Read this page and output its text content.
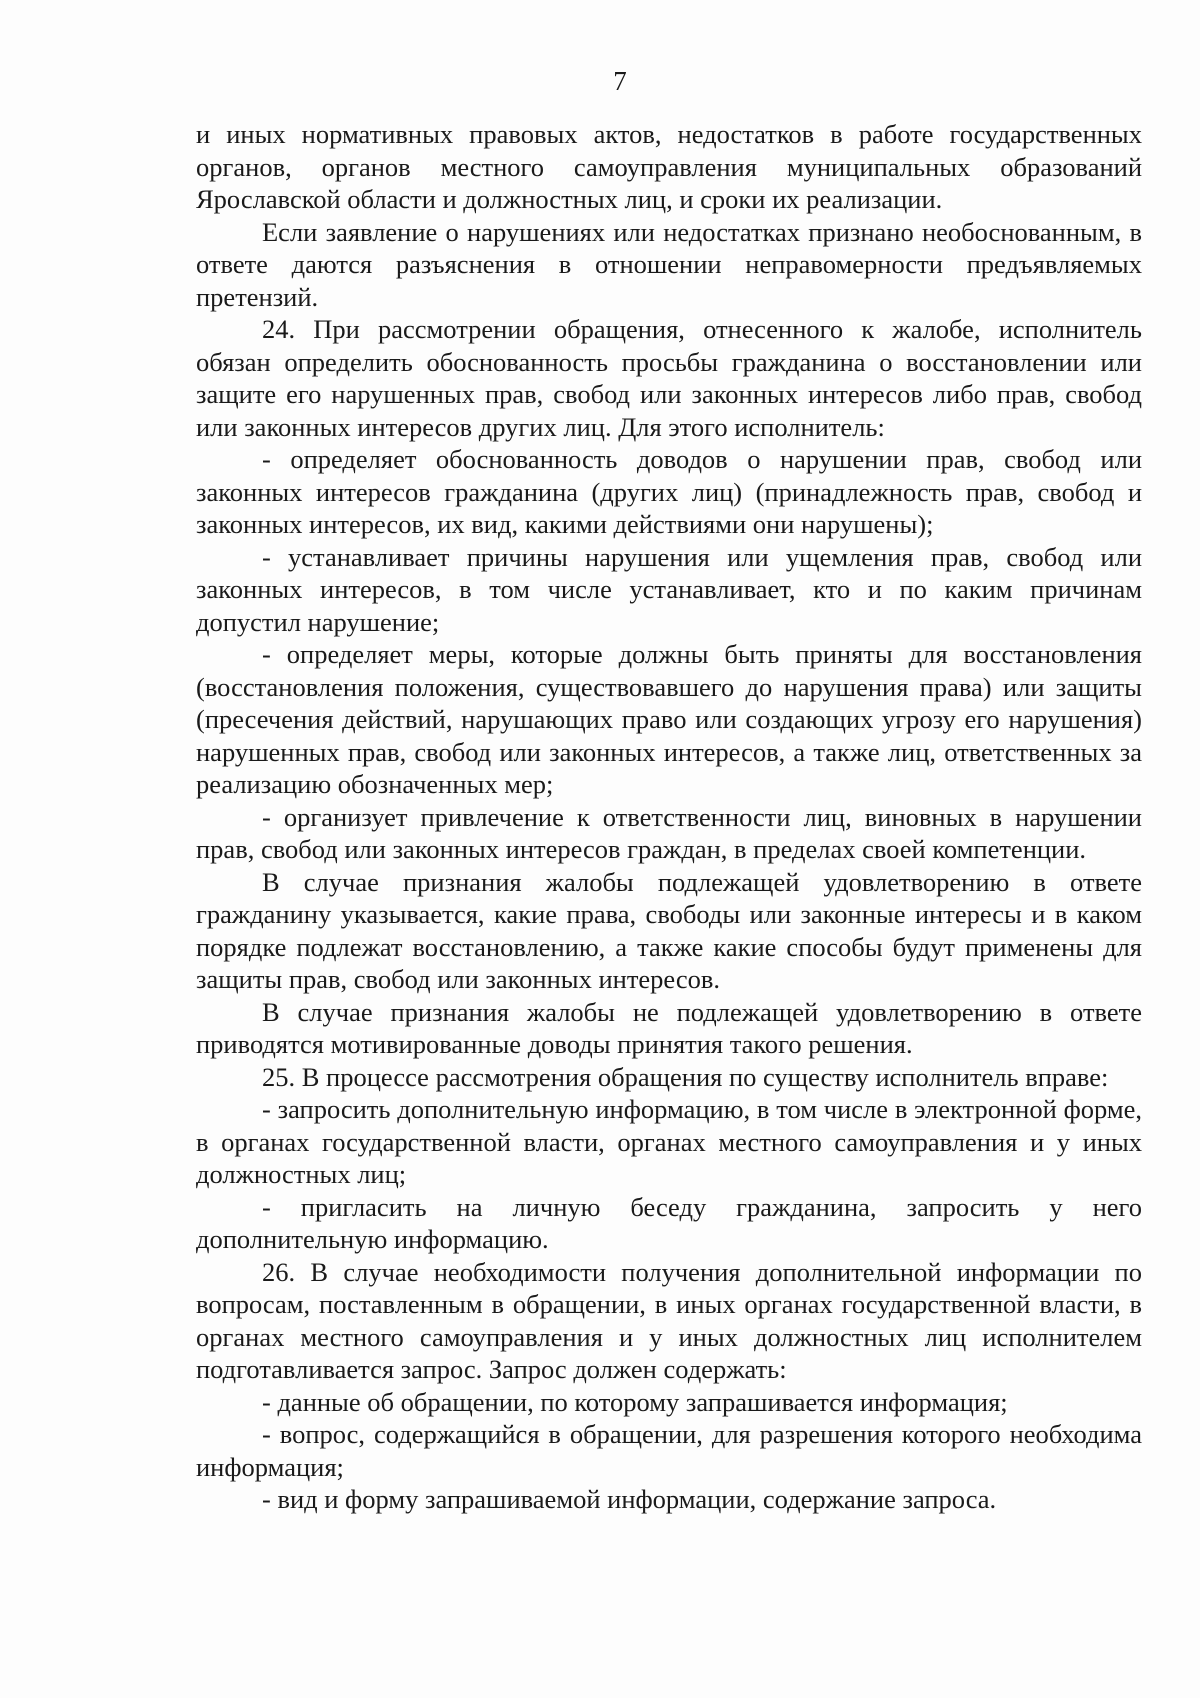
7

и иных нормативных правовых актов, недостатков в работе государственных органов, органов местного самоуправления муниципальных образований Ярославской области и должностных лиц, и сроки их реализации.

Если заявление о нарушениях или недостатках признано необоснованным, в ответе даются разъяснения в отношении неправомерности предъявляемых претензий.

24. При рассмотрении обращения, отнесенного к жалобе, исполнитель обязан определить обоснованность просьбы гражданина о восстановлении или защите его нарушенных прав, свобод или законных интересов либо прав, свобод или законных интересов других лиц. Для этого исполнитель:

- определяет обоснованность доводов о нарушении прав, свобод или законных интересов гражданина (других лиц) (принадлежность прав, свобод и законных интересов, их вид, какими действиями они нарушены);

- устанавливает причины нарушения или ущемления прав, свобод или законных интересов, в том числе устанавливает, кто и по каким причинам допустил нарушение;

- определяет меры, которые должны быть приняты для восстановления (восстановления положения, существовавшего до нарушения права) или защиты (пресечения действий, нарушающих право или создающих угрозу его нарушения) нарушенных прав, свобод или законных интересов, а также лиц, ответственных за реализацию обозначенных мер;

- организует привлечение к ответственности лиц, виновных в нарушении прав, свобод или законных интересов граждан, в пределах своей компетенции.

В случае признания жалобы подлежащей удовлетворению в ответе гражданину указывается, какие права, свободы или законные интересы и в каком порядке подлежат восстановлению, а также какие способы будут применены для защиты прав, свобод или законных интересов.

В случае признания жалобы не подлежащей удовлетворению в ответе приводятся мотивированные доводы принятия такого решения.

25. В процессе рассмотрения обращения по существу исполнитель вправе:

- запросить дополнительную информацию, в том числе в электронной форме, в органах государственной власти, органах местного самоуправления и у иных должностных лиц;

- пригласить на личную беседу гражданина, запросить у него дополнительную информацию.

26. В случае необходимости получения дополнительной информации по вопросам, поставленным в обращении, в иных органах государственной власти, в органах местного самоуправления и у иных должностных лиц исполнителем подготавливается запрос. Запрос должен содержать:

- данные об обращении, по которому запрашивается информация;

- вопрос, содержащийся в обращении, для разрешения которого необходима информация;

- вид и форму запрашиваемой информации, содержание запроса.
